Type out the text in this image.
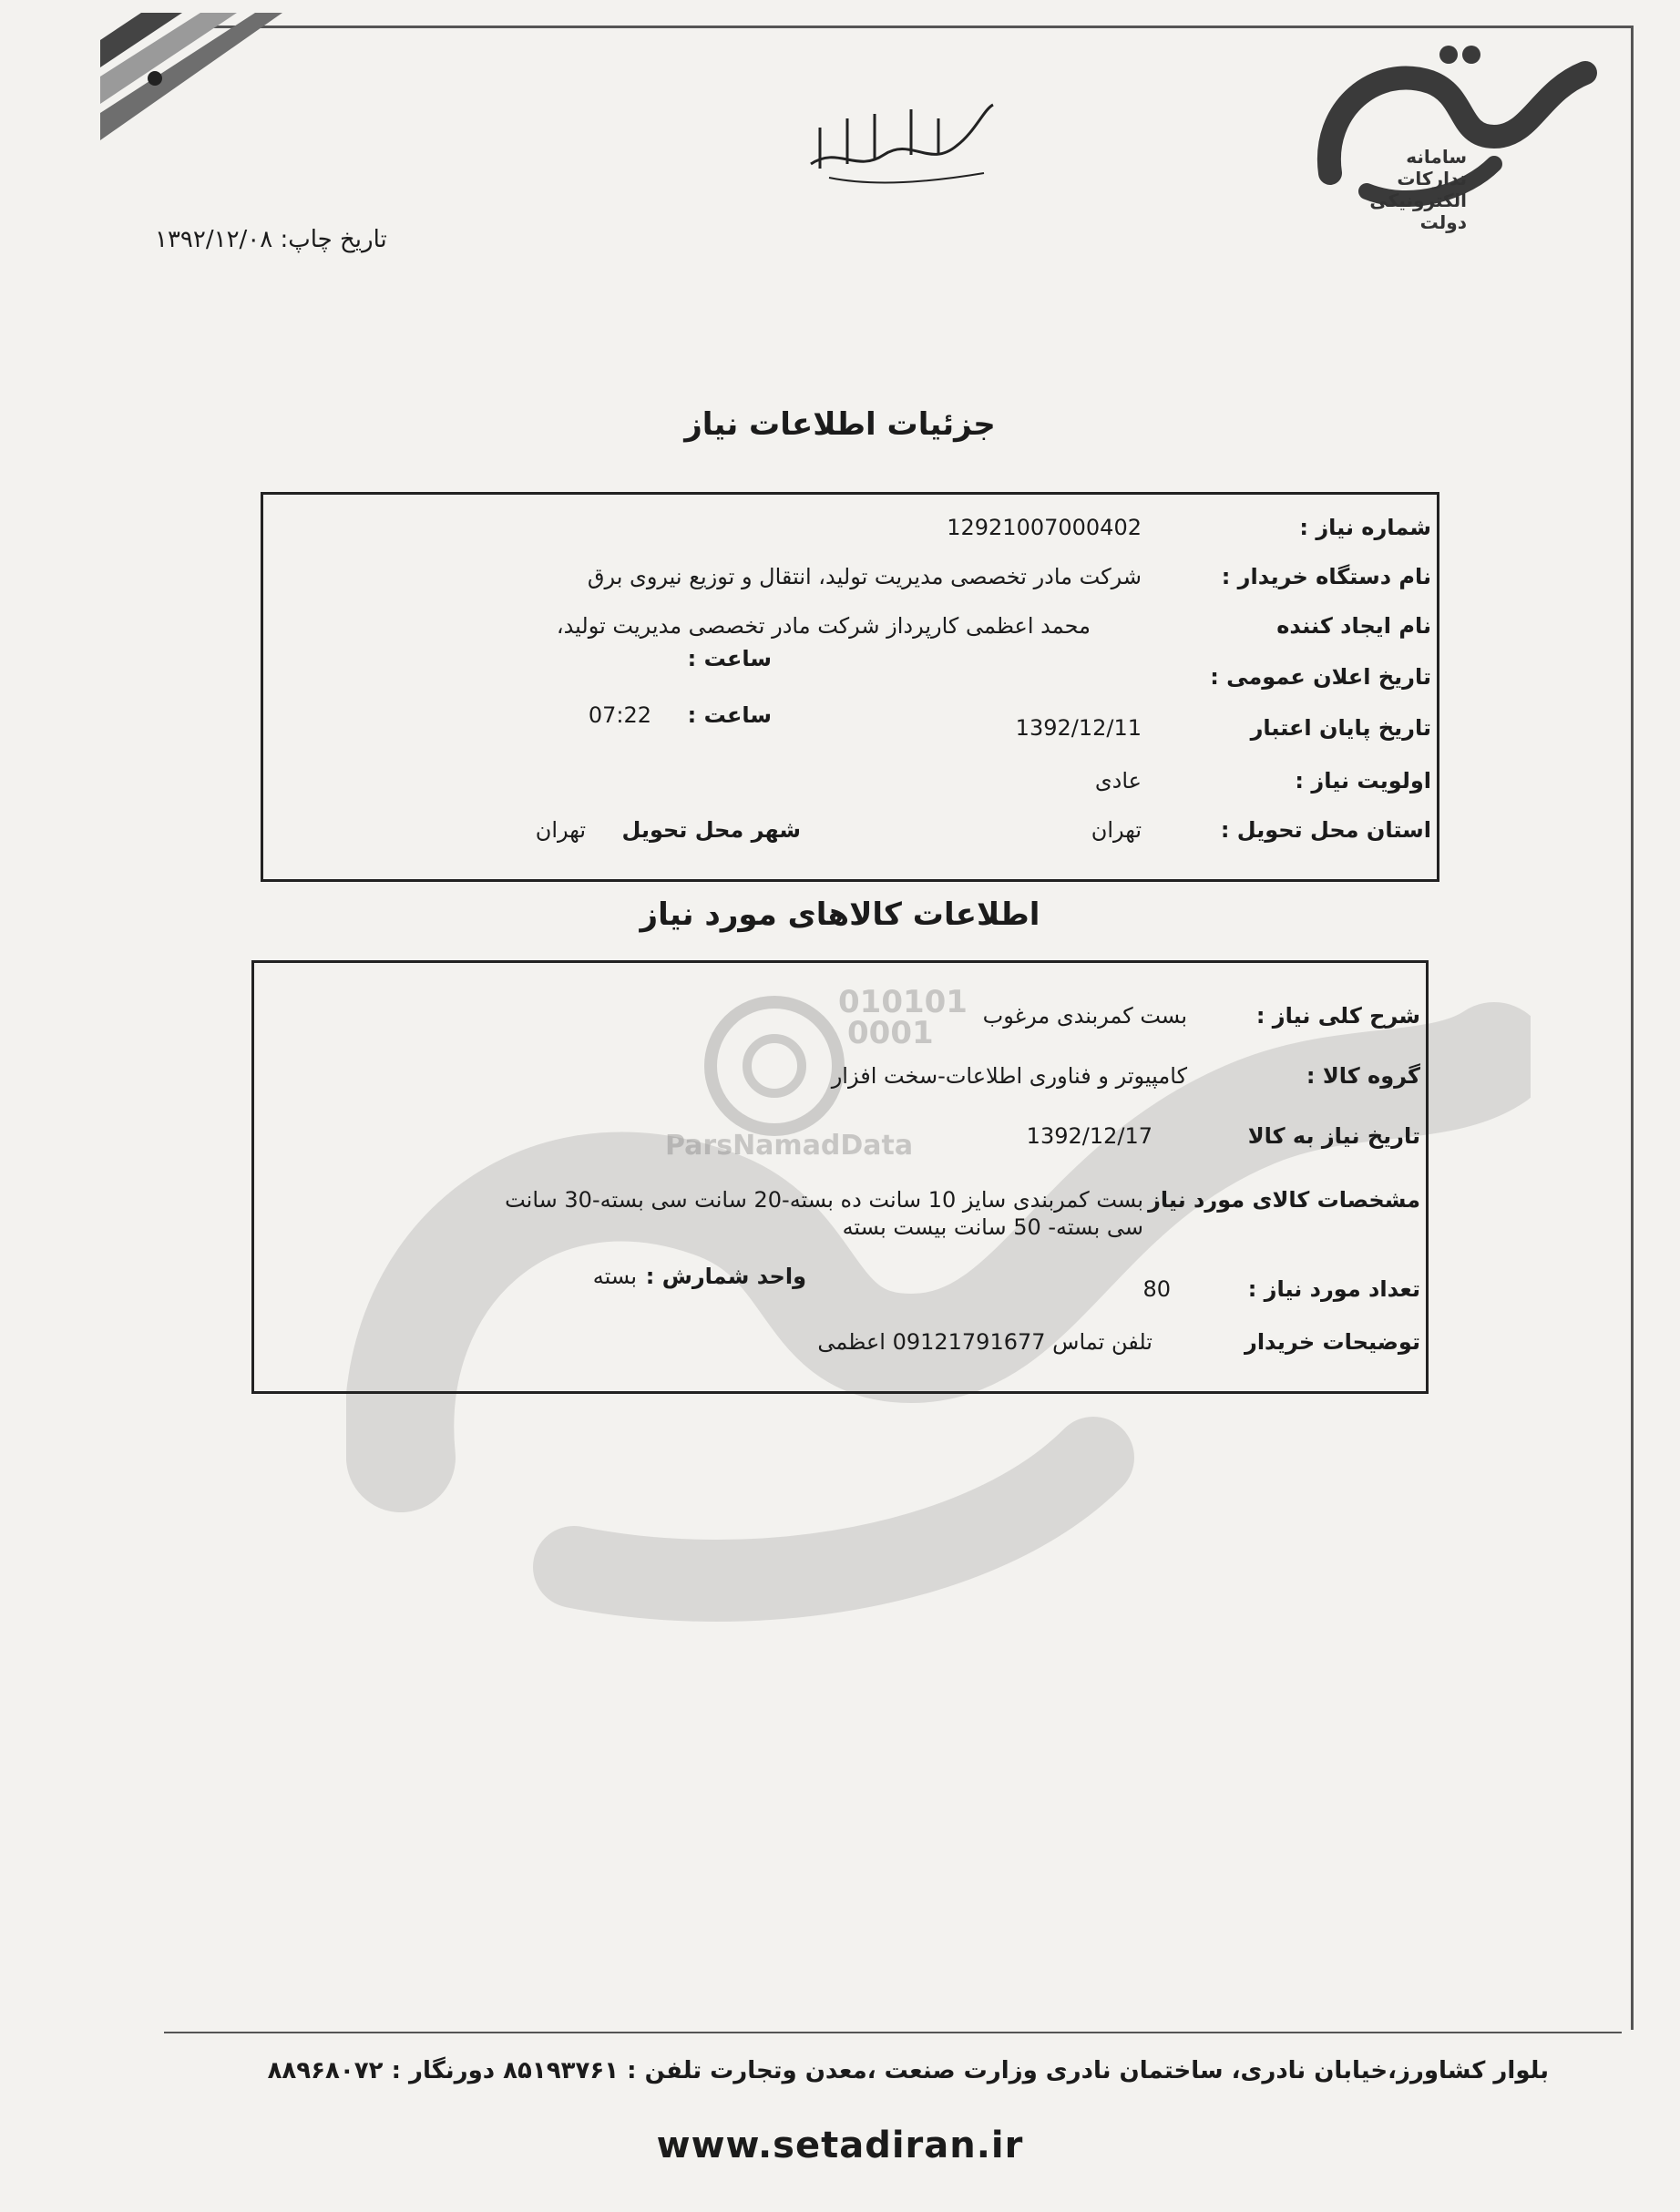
سامانه
تدارکات
الکترونیکی
دولت
تاریخ چاپ: ۱۳۹۲/۱۲/۰۸
جزئیات اطلاعات نیاز
شماره نیاز :
12921007000402
نام دستگاه خریدار :
شرکت مادر تخصصی مدیریت تولید، انتقال و توزیع نیروی برق
نام ایجاد کننده
محمد اعظمی کارپرداز شرکت مادر تخصصی مدیریت تولید،
ساعت :
تاریخ اعلان عمومی :
ساعت :
07:22	تاریخ پایان اعتبار
1392/12/11
اولویت نیاز :
عادی
استان محل تحویل :
تهران
شهر محل تحویل
تهران
اطلاعات کالاهای مورد نیاز
010101
0001
ParsNamadData
شرح کلی نیاز :
بست کمربندی مرغوب
گروه کالا :
کامپیوتر و فناوری اطلاعات-سخت افزار
تاریخ نیاز به کالا
1392/12/17
مشخصات کالای مورد نیاز
بست کمربندی سایز 10 سانت ده بسته-20 سانت سی بسته-30 سانت
سی بسته- 50 سانت بیست بسته
تعداد مورد نیاز :
80
واحد شمارش :
بسته
توضیحات خریدار
تلفن تماس 09121791677 اعظمی
بلوار کشاورز،خیابان نادری، ساختمان نادری وزارت صنعت ،معدن وتجارت تلفن : ۸۵۱۹۳۷۶۱ دورنگار : ۸۸۹۶۸۰۷۲
www.setadiran.ir
